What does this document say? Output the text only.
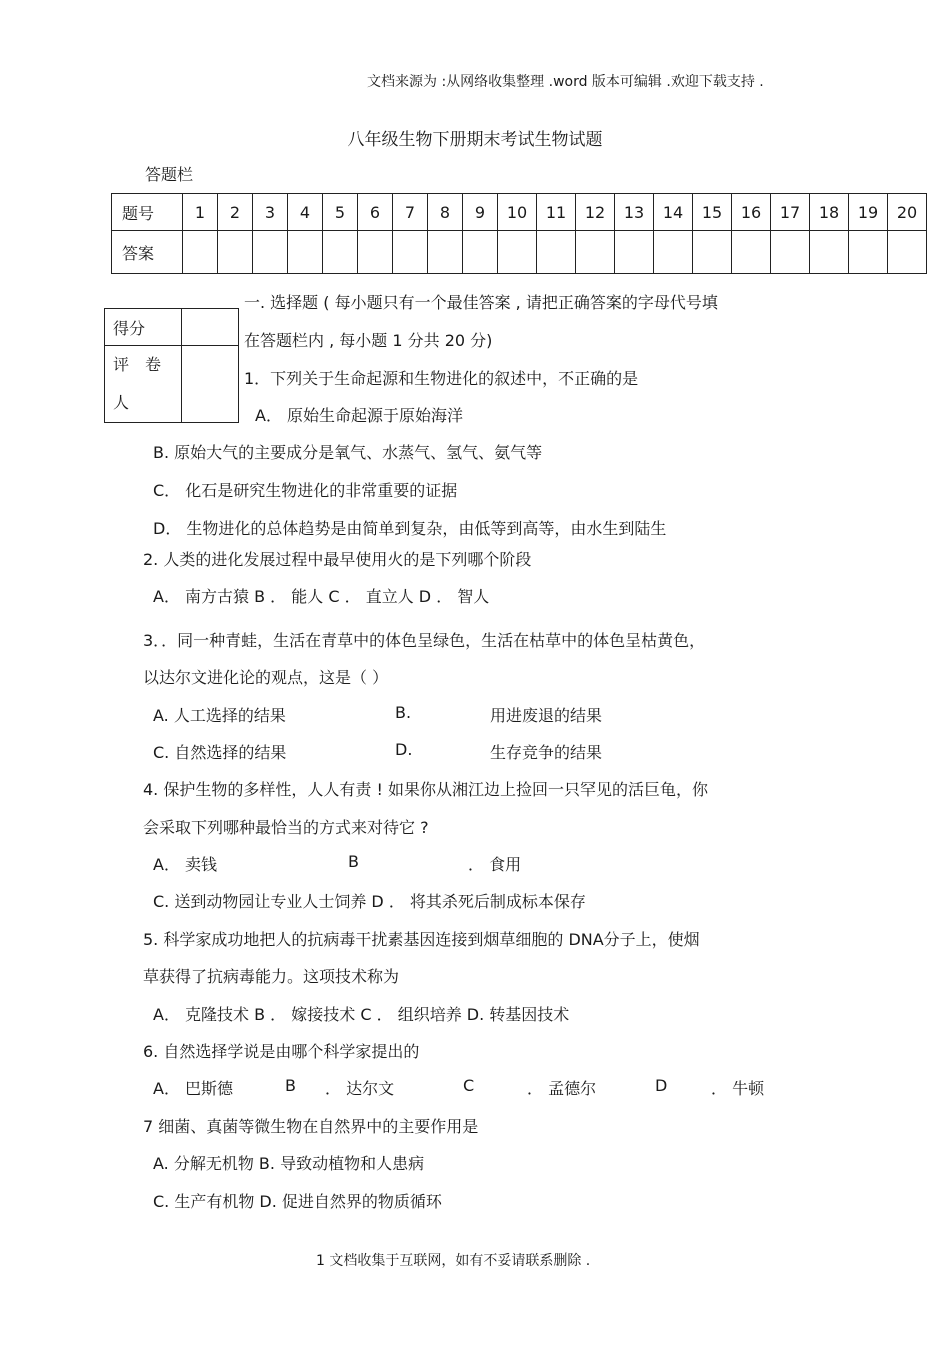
文档来源为 :从网络收集整理 .word 版本可编辑 .欢迎下载支持 .
八年级生物下册期末考试生物试题
答题栏
题号	1	2	3	4	5	6	7	8	9	10	11	12	13	14	15	16	17	18	19	20
答案																				
得分	

评　卷
人	

一. 选择题 ( 每小题只有一个最佳答案 , 请把正确答案的字母代号填
在答题栏内 , 每小题 1 分共 20 分)
1．下列关于生命起源和生物进化的叙述中，不正确的是
A． 原始生命起源于原始海洋
B. 原始大气的主要成分是氧气、水蒸气、氢气、氨气等
C． 化石是研究生物进化的非常重要的证据
D． 生物进化的总体趋势是由简单到复杂，由低等到高等，由水生到陆生
2. 人类的进化发展过程中最早使用火的是下列哪个阶段
A． 南方古猿 B ． 能人 C ． 直立人 D ． 智人
3．．同一种青蛙，生活在青草中的体色呈绿色，生活在枯草中的体色呈枯黄色，
以达尔文进化论的观点，这是（ ）
A. 人工选择的结果	B.	用进废退的结果
C. 自然选择的结果	D.	生存竞争的结果
4. 保护生物的多样性，人人有责 ! 如果你从湘江边上捡回一只罕见的活巨龟，你
会采取下列哪种最恰当的方式来对待它 ?
A． 卖钱	B	． 食用
C. 送到动物园让专业人士饲养 D ． 将其杀死后制成标本保存
5. 科学家成功地把人的抗病毒干扰素基因连接到烟草细胞的 DNA分子上，使烟
草获得了抗病毒能力。这项技术称为
A． 克隆技术 B ． 嫁接技术 C ． 组织培养 D. 转基因技术
6. 自然选择学说是由哪个科学家提出的
A． 巴斯德	B ． 达尔文	C	． 孟德尔	D	． 牛顿
7 细菌、真菌等微生物在自然界中的主要作用是
A. 分解无机物 B. 导致动植物和人患病
C. 生产有机物 D. 促进自然界的物质循环
1 文档收集于互联网，如有不妥请联系删除 .
